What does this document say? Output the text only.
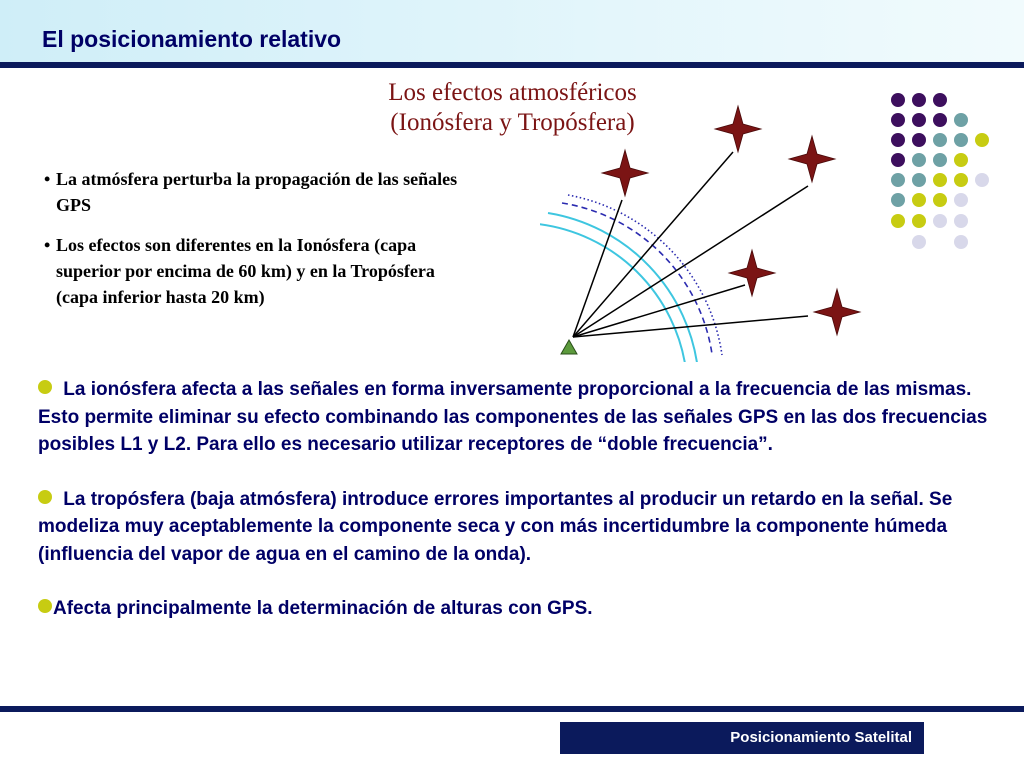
El posicionamiento relativo
Los efectos atmosféricos
(Ionósfera y Tropósfera)
• La atmósfera perturba la propagación de las señales GPS
• Los efectos son diferentes en la Ionósfera (capa superior por encima de 60 km) y en la Tropósfera (capa inferior hasta 20 km)

La ionósfera afecta a las señales en forma inversamente proporcional a la frecuencia de las mismas. Esto permite eliminar su efecto combinando las componentes de las señales GPS en las dos frecuencias posibles L1 y L2. Para ello es necesario utilizar receptores de “doble frecuencia”.

La tropósfera (baja atmósfera) introduce errores importantes al producir un retardo en la señal. Se modeliza muy aceptablemente la componente seca y con más incertidumbre la componente húmeda (influencia del vapor de agua en el camino de la onda).

Afecta principalmente la determinación de alturas con GPS.

Posicionamiento Satelital
